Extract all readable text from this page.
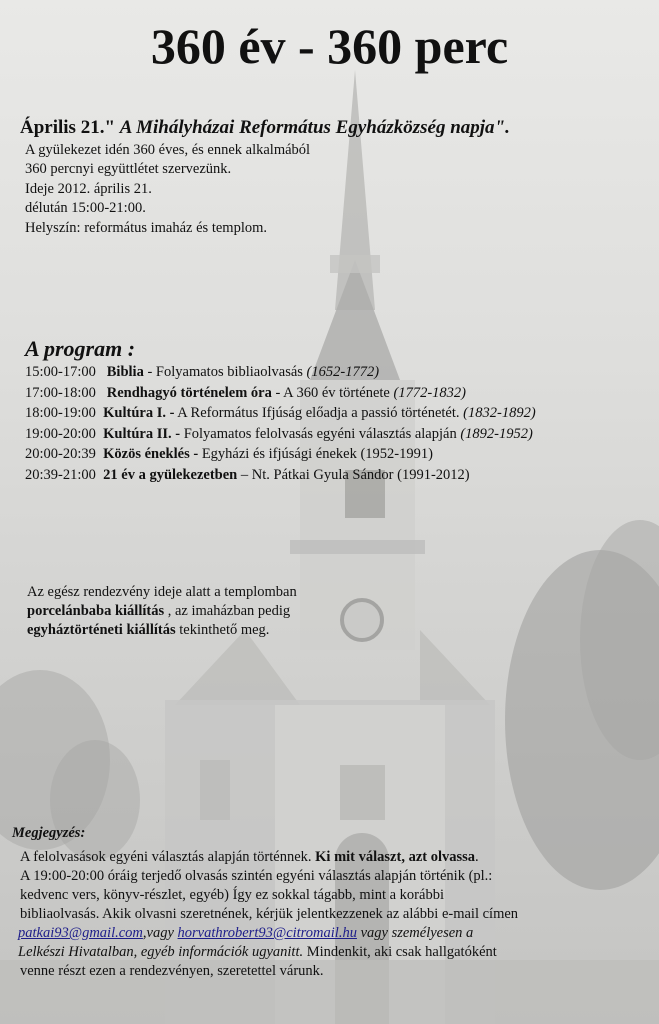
360 év - 360 perc
Április 21." A Mihályházai Református Egyházközség napja".
A gyülekezet idén 360 éves, és ennek alkalmából
360 percnyi együttlétet szervezünk.
Ideje 2012. április 21.
délután 15:00-21:00.
Helyszín: református imaház és templom.
A program :
15:00-17:00 Biblia - Folyamatos bibliaolvasás (1652-1772)
17:00-18:00 Rendhagyó történelem óra - A 360 év története (1772-1832)
18:00-19:00 Kultúra I. - A Református Ifjúság előadja a passió történetét. (1832-1892)
19:00-20:00 Kultúra II. - Folyamatos felolvasás egyéni választás alapján (1892-1952)
20:00-20:39 Közös éneklés - Egyházi és ifjúsági énekek (1952-1991)
20:39-21:00 21 év a gyülekezetben – Nt. Pátkai Gyula Sándor (1991-2012)
Az egész rendezvény ideje alatt a templomban
porcelánbaba kiállítás , az imaházban pedig
egyháztörténeti kiállítás tekinthető meg.
Megjegyzés:
A felolvasások egyéni választás alapján történnek. Ki mit választ, azt olvassa.
A 19:00-20:00 óráig terjedő olvasás szintén egyéni választás alapján történik (pl.:
kedvenc vers, könyv-részlet, egyéb) Így ez sokkal tágabb, mint a korábbi
bibliaolvasás. Akik olvasni szeretnének, kérjük jelentkezzenek az alábbi e-mail címen
patkai93@gmail.com,vagy horvathrobert93@citromail.hu vagy személyesen a
Lelkészi Hivatalban, egyéb információk ugyanitt. Mindenkit, aki csak hallgatóként
venne részt ezen a rendezvényen, szeretettel várunk.
